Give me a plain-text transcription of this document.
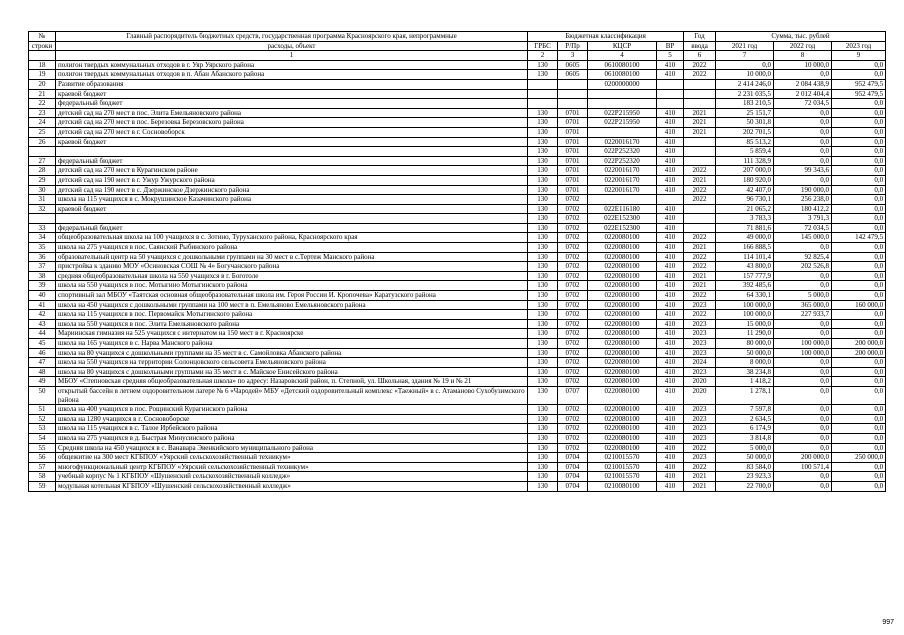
№	Главный распорядитель бюджетных средств, государственная программа Красноярского края, непрограммные	Бюджетная классификация				Год	Сумма, тыс. рублей		
строки	расходы, объект	ГРБС	Р/Пр	КЦСР	ВР	ввода	2021 год	2022 год	2023 год
	1	2	3	4	5	6	7	8	9
18	полигон твердых коммунальных отходов в г. Уяр Уярского района	130	0605	0610080100	410	2022	0,0	10 000,0	0,0
19	полигон твердых коммунальных отходов в п. Абан Абанского района	130	0605	0610080100	410	2022	10 000,0	0,0	0,0
20	Развитие образования			0200000000			2 414 246,0	2 084 438,9	952 479,5
21	краевой бюджет						2 231 035,5	2 012 404,4	952 479,5
22	федеральный бюджет						183 210,5	72 034,5	0,0
23	детский сад на 270 мест в пос. Элита Емельяновского района	130	0701	022P215950	410	2021	25 151,7	0,0	0,0
24	детский сад на 270 мест в пос. Березовка Березовского района	130	0701	022P215950	410	2021	50 301,8	0,0	0,0
25	детский сад на 270 мест в г. Сосновоборск	130	0701		410	2021	202 701,5	0,0	0,0
26	краевой бюджет	130	0701	0220016170	410		85 513,2	0,0	0,0
		130	0701	022P252320	410		5 859,4	0,0	0,0
27	федеральный бюджет	130	0701	022P252320	410		111 328,9	0,0	0,0
28	детский сад на 270 мест в Курагинском районе	130	0701	0220016170	410	2022	207 000,0	99 343,6	0,0
29	детский сад на 190 мест в г. Ужур Ужурского района	130	0701	0220016170	410	2021	180 920,0	0,0	0,0
30	детский сад на 190 мест в с. Дзержинское Дзержинского района	130	0701	0220016170	410	2022	42 407,0	190 000,0	0,0
31	школа на 115 учащихся в с. Мокрушинское Казачинского района	130	0702			2022	96 730,1	256 238,0	0,0
32	краевой бюджет	130	0702	022E116180	410		21 065,2	180 412,2	0,0
		130	0702	022E152300	410		3 783,3	3 791,3	0,0
33	федеральный бюджет	130	0702	022E152300	410		71 881,6	72 034,5	0,0
34	общеобразовательная школа на 100 учащихся в с. Зотино, Туруханского района, Красноярского края	130	0702	0220080100	410	2022	49 000,0	145 000,0	142 479,5
35	школа на 275 учащихся в пос. Саянский Рыбинского района	130	0702	0220080100	410	2021	166 888,5	0,0	0,0
36	образовательный центр на 50 учащихся с дошкольными группами на 30 мест в с.Тертеж Манского района	130	0702	0220080100	410	2022	114 101,4	92 825,4	0,0
37	пристройка к зданию МОУ «Осиновская СОШ № 4» Богучанского района	130	0702	0220080100	410	2022	43 800,0	202 526,8	0,0
38	средняя общеобразовательная школа на 550 учащихся в г. Боготоле	130	0702	0220080100	410	2021	157 777,9	0,0	0,0
39	школа на 550 учащихся в пос. Мотыгино Мотыгинского района	130	0702	0220080100	410	2021	392 485,6	0,0	0,0
40	спортивный зал МБОУ «Таятская основная общеобразовательная школа им. Героя России И. Кропочева» Каратузского района	130	0702	0220080100	410	2022	64 330,1	5 000,0	0,0
41	школа на 450 учащихся с дошкольными группами на 100 мест в п. Емельяново Емельяновского района	130	0702	0220080100	410	2023	100 000,0	365 000,0	160 000,0
42	школа на 115 учащихся в пос. Первомайск Мотыгинского района	130	0702	0220080100	410	2022	100 000,0	227 933,7	0,0
43	школа на 550 учащихся в пос. Элита Емельяновского района	130	0702	0220080100	410	2023	15 000,0	0,0	0,0
44	Мариинская гимназия на 525 учащихся с интернатом на 150 мест в г. Красноярске	130	0702	0220080100	410	2023	11 290,0	0,0	0,0
45	школа на 165 учащихся в с. Нарва Манского района	130	0702	0220080100	410	2023	80 000,0	100 000,0	200 000,0
46	школа на 80 учащихся с дошкольными группами на 35 мест в с. Самойловка Абанского района	130	0702	0220080100	410	2023	50 000,0	100 000,0	200 000,0
47	школа на 550 учащихся на территории Солонцовского сельсовета Емельяновского района	130	0702	0220080100	410	2024	8 000,0	0,0	0,0
48	школа на 80 учащихся с дошкольными группами на 35 мест в с. Майское Енисейского района	130	0702	0220080100	410	2023	38 234,8	0,0	0,0
49	МБОУ «Степновская средняя общеобразовательная школа» по адресу: Назаровский район, п. Степной, ул. Школьная, здания № 19 и № 21	130	0702	0220080100	410	2020	1 418,2	0,0	0,0
50	открытый бассейн в летнем оздоровительном лагере № 6 «Чародей» МБУ «Детский оздоровительный комплекс «Таежный» в с. Атаманово Сухобузимского района	130	0707	0220080100	410	2020	1 278,1	0,0	0,0
51	школа на 400 учащихся в пос. Рощинский Курагинского района	130	0702	0220080100	410	2023	7 597,8	0,0	0,0
52	школа на 1280 учащихся в г. Сосновоборске	130	0702	0220080100	410	2023	2 634,5	0,0	0,0
53	школа на 115 учащихся в с. Талое Ирбейского района	130	0702	0220080100	410	2023	6 174,9	0,0	0,0
54	школа на 275 учащихся в д. Быстрая Минусинского района	130	0702	0220080100	410	2023	3 814,8	0,0	0,0
55	Средняя школа на 450 учащихся в с. Ванавара Эвенкийского муниципального района	130	0702	0220080100	410	2022	5 000,0	0,0	0,0
56	общежитие на 300 мест КГБПОУ «Уярский сельскохозяйственный техникум»	130	0704	0210015570	410	2023	50 000,0	200 000,0	250 000,0
57	многофункциональный центр КГБПОУ «Уярский сельскохозяйственный техникум»	130	0704	0210015570	410	2022	83 584,0	100 571,4	0,0
58	учебный корпус № 1 КГБПОУ «Шушенский сельскохозяйственный колледж»	130	0704	0210015570	410	2021	23 923,3	0,0	0,0
59	модульная котельная КГБПОУ «Шушенский сельскохозяйственный колледж»	130	0704	0210080100	410	2021	22 700,0	0,0	0,0
997
